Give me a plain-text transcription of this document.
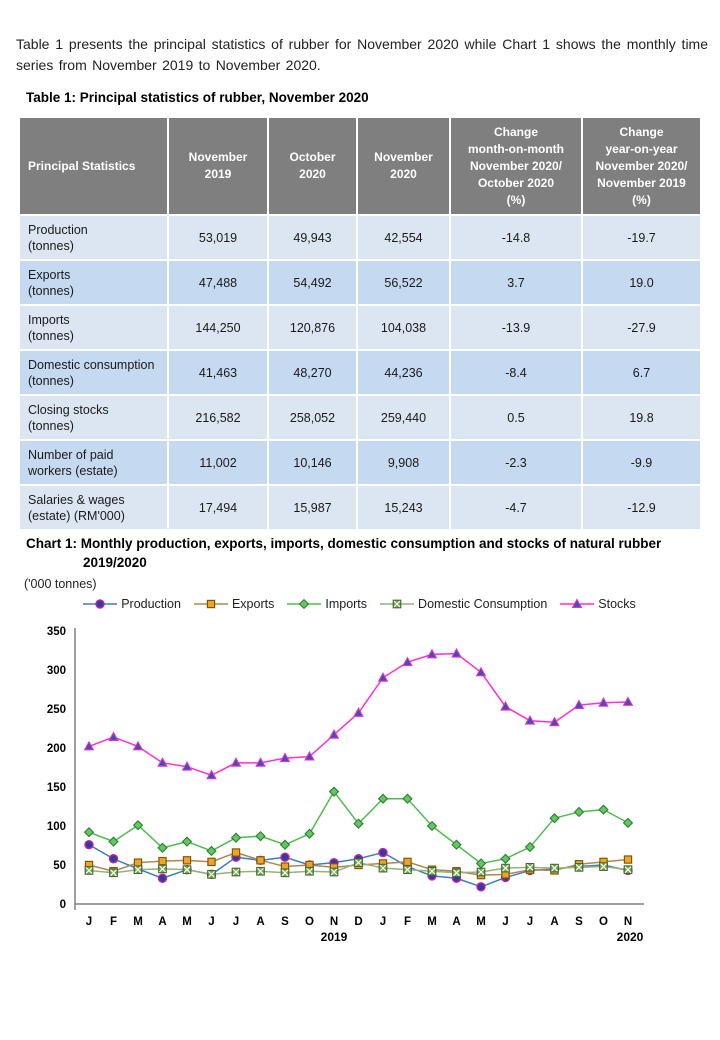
Table 1 presents the principal statistics of rubber for November 2020 while Chart 1 shows the monthly time series from November 2019 to November 2020.

Table 1: Principal statistics of rubber, November 2020
Principal Statistics

November
2019

October
2020

November
2020

Change
month-on-month
November 2020/
October 2020
(%)

Change
year-on-year
November 2020/
November 2019
(%)

Production
(tonnes)	53,019	49,943	42,554	-14.8	-19.7

Exports
(tonnes)	47,488	54,492	56,522	3.7	19.0

Imports
(tonnes)	144,250	120,876	104,038	-13.9	-27.9

Domestic consumption
(tonnes)	41,463	48,270	44,236	-8.4	6.7

Closing stocks
(tonnes)	216,582	258,052	259,440	0.5	19.8

Number of paid
workers (estate)	11,002	10,146	9,908	-2.3	-9.9

Salaries & wages
(estate) (RM'000)	17,494	15,987	15,243	-4.7	-12.9
Chart 1: Monthly production, exports, imports, domestic consumption and stocks of natural rubber
2019/2020
('000 tonnes)
Production	Exports	Imports	Domestic Consumption	Stocks
0
50
100
150
200
250
300
350
J F M A M J J A S O N D J F M A M J J A S O N
2019	2020
